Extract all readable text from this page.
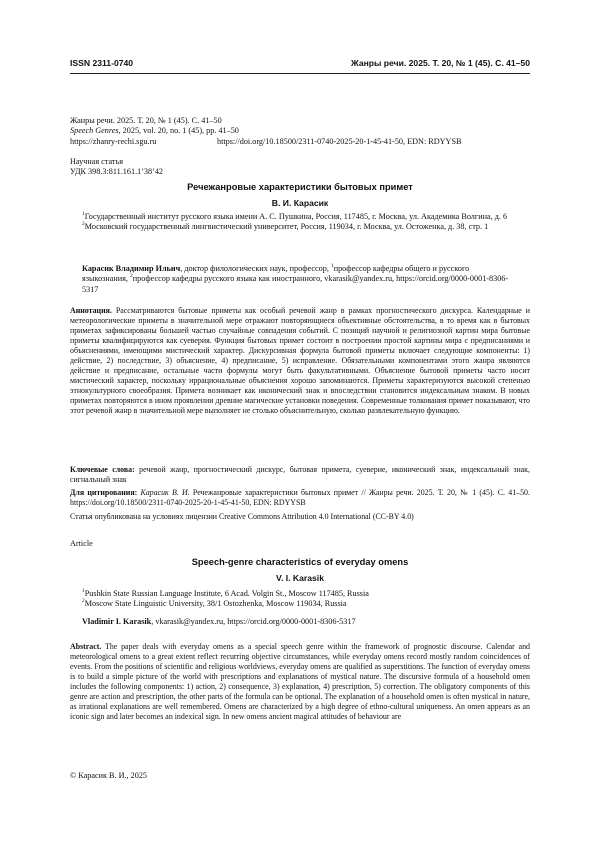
ISSN 2311-0740	Жанры речи. 2025. Т. 20, № 1 (45). С. 41–50
Жанры речи. 2025. Т. 20, № 1 (45). С. 41–50
Speech Genres, 2025, vol. 20, no. 1 (45), pp. 41–50
https://zhanry-rechi.sgu.ru	https://doi.org/10.18500/2311-0740-2025-20-1-45-41-50, EDN: RDYYSB
Научная статья
УДК 398.3:811.161.1’38’42
Речежанровые характеристики бытовых примет
В. И. Карасик
1Государственный институт русского языка имени А. С. Пушкина, Россия, 117485, г. Москва, ул. Академика Волгина, д. 6
2Московский государственный лингвистический университет, Россия, 119034, г. Москва, ул. Остоженка, д. 38, стр. 1
Карасик Владимир Ильич, доктор филологических наук, профессор, 1профессор кафедры общего и русского языкознания, 2профессор кафедры русского языка как иностранного, vkarasik@yandex.ru, https://orcid.org/0000-0001-8306-5317
Аннотация. Рассматриваются бытовые приметы как особый речевой жанр в рамках прогностического дискурса. Календарные и метеорологические приметы в значительной мере отражают повторяющиеся объективные обстоятельства, в то время как в бытовых приметах зафиксированы большей частью случайные совпадения событий. С позиций научной и религиозной картин мира бытовые приметы квалифицируются как суеверия. Функция бытовых примет состоит в построении простой картины мира с предписаниями и объяснениями, имеющими мистический характер. Дискурсивная формула бытовой приметы включает следующие компоненты: 1) действие, 2) последствие, 3) объяснение, 4) предписание, 5) исправление. Обязательными компонентами этого жанра являются действие и предписание, остальные части формулы могут быть факультативными. Объяснение бытовой приметы часто носит мистический характер, поскольку иррациональные объяснения хорошо запоминаются. Приметы характеризуются высокой степенью этнокультурного своеобразия. Примета возникает как иконический знак и впоследствии становится индексальным знаком. В новых приметах повторяются в ином проявлении древние магические установки поведения. Современные толкования примет показывают, что этот речевой жанр в значительной мере выполняет не столько объяснительную, сколько развлекательную функцию.
Ключевые слова: речевой жанр, прогностический дискурс, бытовая примета, суеверие, иконический знак, индексальный знак, сигнальный знак
Для цитирования: Карасик В. И. Речежанровые характеристики бытовых примет // Жанры речи. 2025. Т. 20, № 1 (45). С. 41–50. https://doi.org/10.18500/2311-0740-2025-20-1-45-41-50, EDN: RDYYSB
Статья опубликована на условиях лицензии Creative Commons Attribution 4.0 International (CC-BY 4.0)
Article
Speech-genre characteristics of everyday omens
V. I. Karasik
1Pushkin State Russian Language Institute, 6 Acad. Volgin St., Moscow 117485, Russia
2Moscow State Linguistic University, 38/1 Ostozhenka, Moscow 119034, Russia
Vladimir I. Karasik, vkarasik@yandex.ru, https://orcid.org/0000-0001-8306-5317
Abstract. The paper deals with everyday omens as a special speech genre within the framework of prognostic discourse. Calendar and meteorological omens to a great extent reflect recurring objective circumstances, while everyday omens record mostly random coincidences of events. From the positions of scientific and religious worldviews, everyday omens are qualified as superstitions. The function of everyday omens is to build a simple picture of the world with prescriptions and explanations of mystical nature. The discursive formula of a household omen includes the following components: 1) action, 2) consequence, 3) explanation, 4) prescription, 5) correction. The obligatory components of this genre are action and prescription, the other parts of the formula can be optional. The explanation of a household omen is often mystical in nature, as irrational explanations are well remembered. Omens are characterized by a high degree of ethno-cultural uniqueness. An omen appears as an iconic sign and later becomes an indexical sign. In new omens ancient magical attitudes of behaviour are
© Карасик В. И., 2025
